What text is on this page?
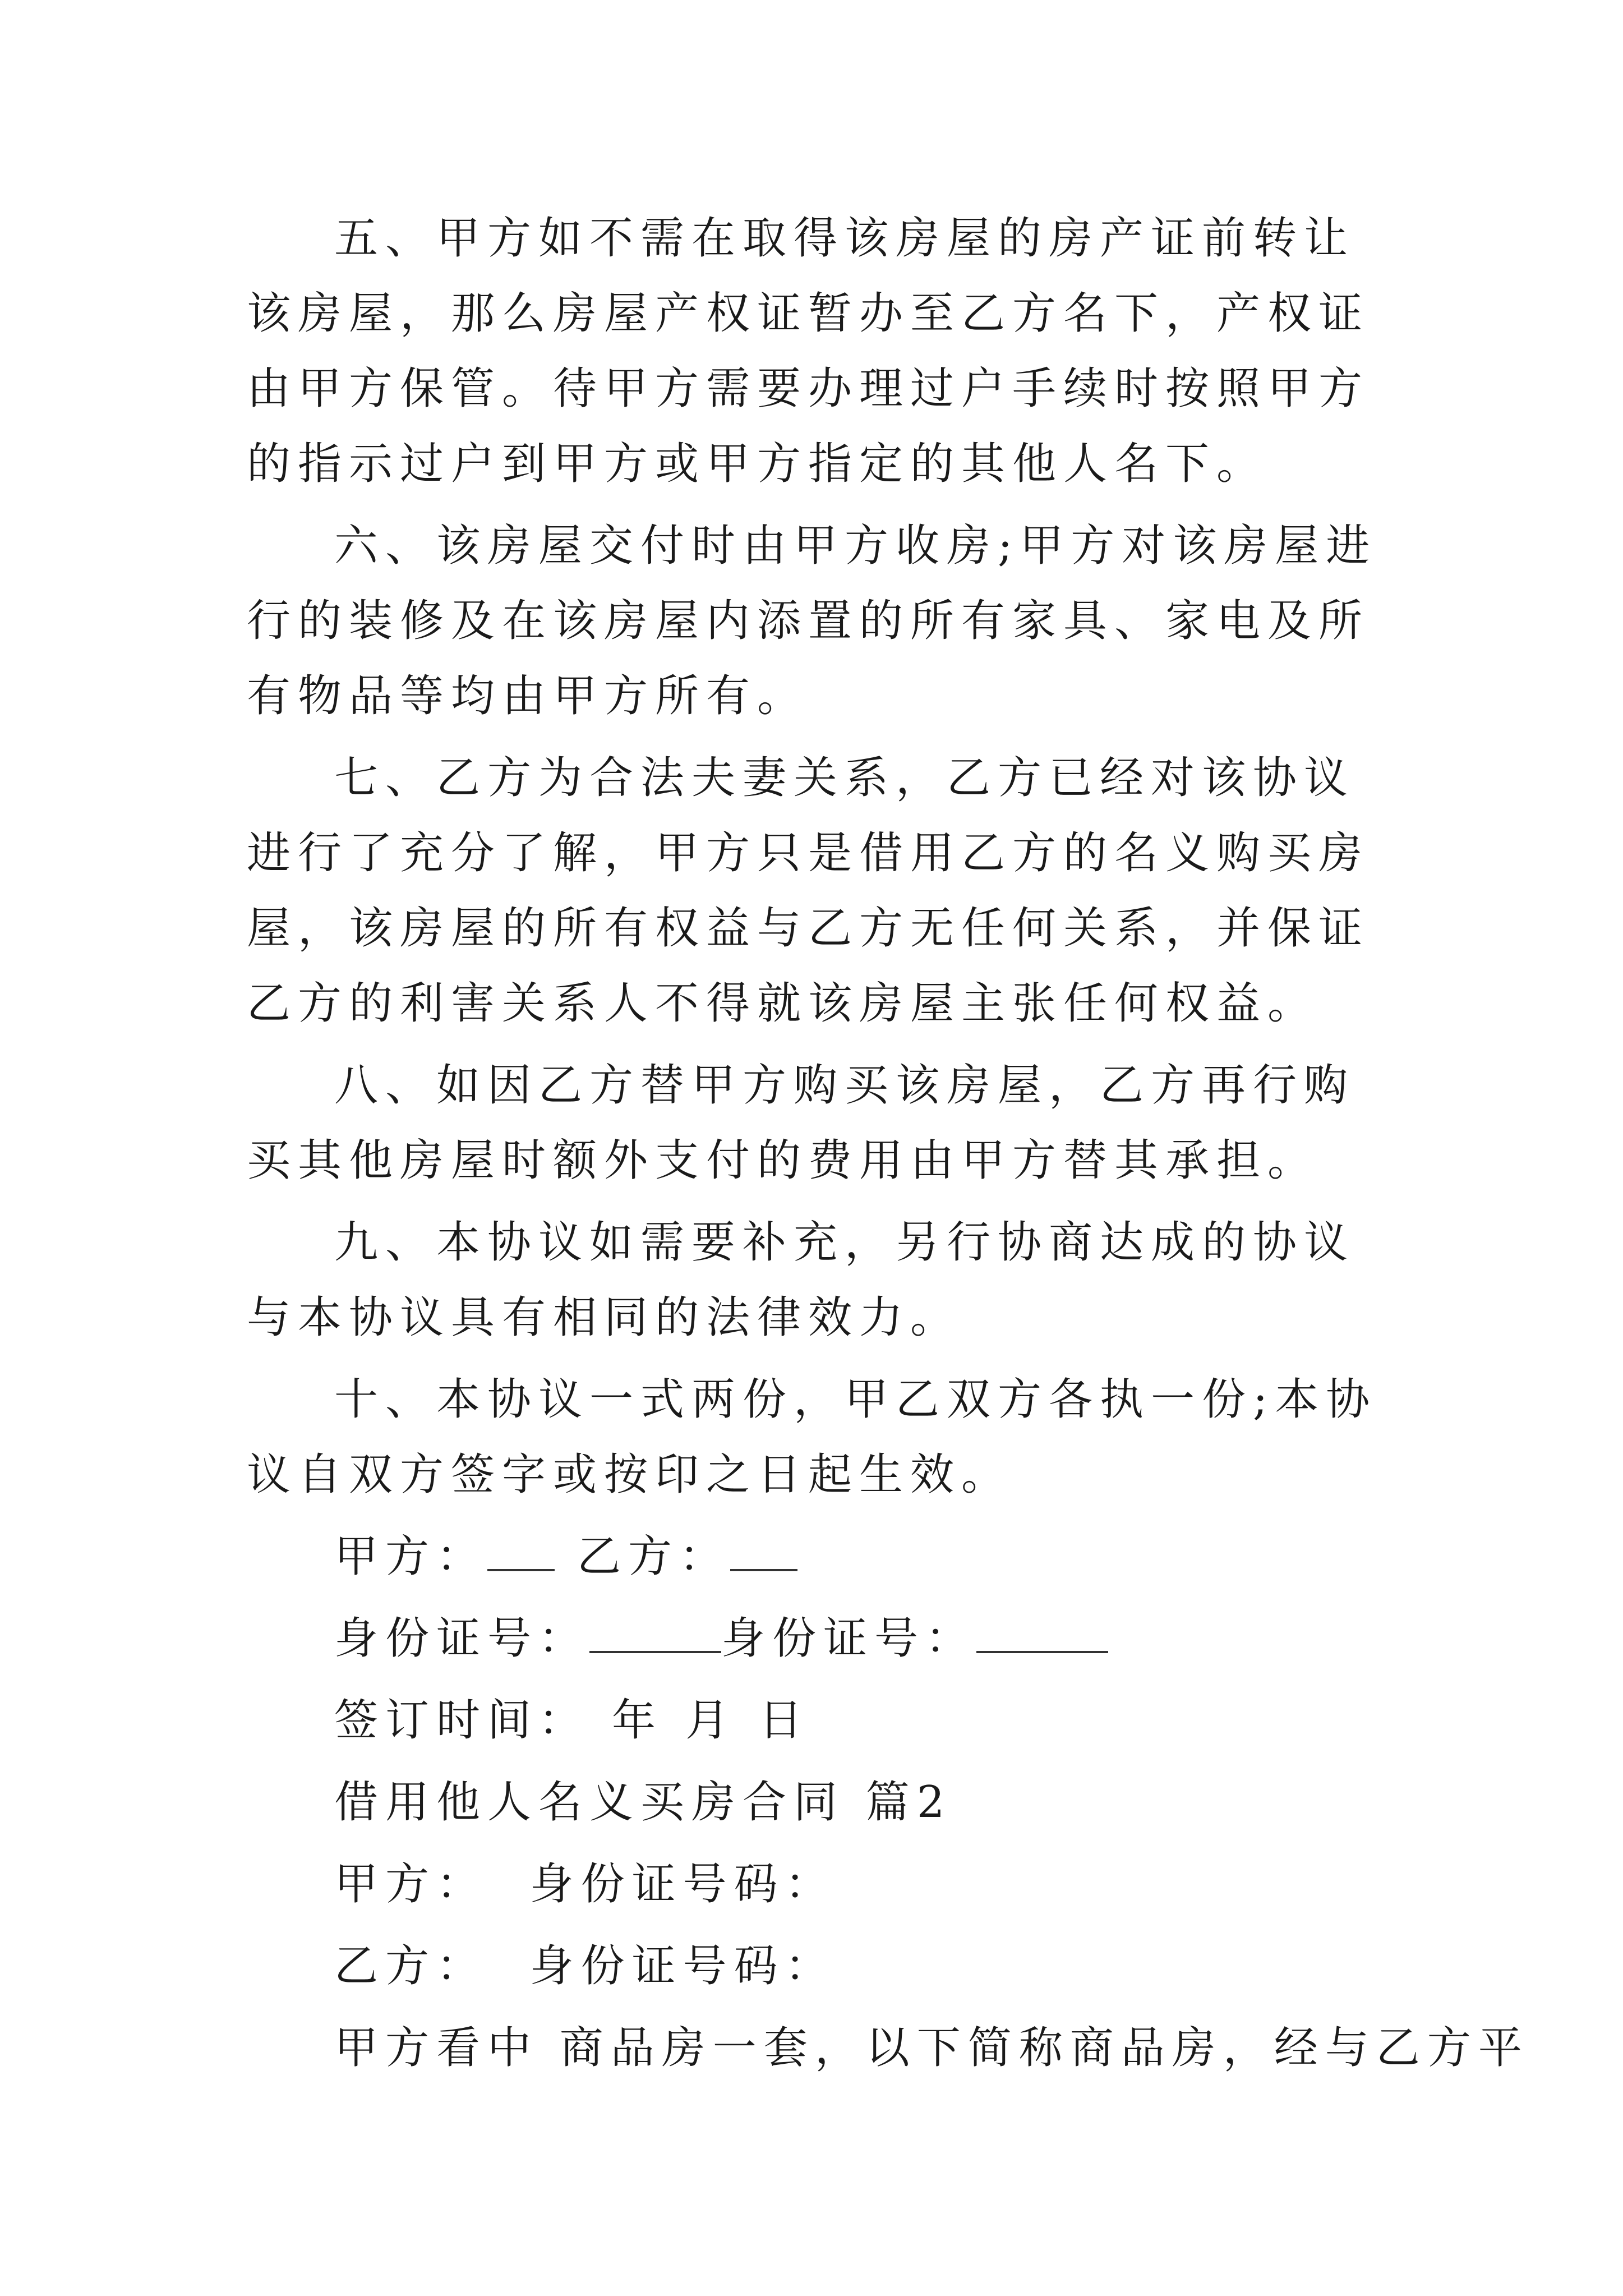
五、甲方如不需在取得该房屋的房产证前转让该房屋，那么房屋产权证暂办至乙方名下，产权证由甲方保管。待甲方需要办理过户手续时按照甲方的指示过户到甲方或甲方指定的其他人名下。

六、该房屋交付时由甲方收房;甲方对该房屋进行的装修及在该房屋内添置的所有家具、家电及所有物品等均由甲方所有。

七、乙方为合法夫妻关系，乙方已经对该协议进行了充分了解，甲方只是借用乙方的名义购买房屋，该房屋的所有权益与乙方无任何关系，并保证乙方的利害关系人不得就该房屋主张任何权益。

八、如因乙方替甲方购买该房屋，乙方再行购买其他房屋时额外支付的费用由甲方替其承担。

九、本协议如需要补充，另行协商达成的协议与本协议具有相同的法律效力。

十、本协议一式两份，甲乙双方各执一份;本协议自双方签字或按印之日起生效。

甲方： 乙方：
身份证号：	身份证号：
签订时间： 年 月 日
借用他人名义买房合同 篇2
甲方：  身份证号码：
乙方：  身份证号码：
甲方看中 商品房一套，以下简称商品房，经与乙方平
